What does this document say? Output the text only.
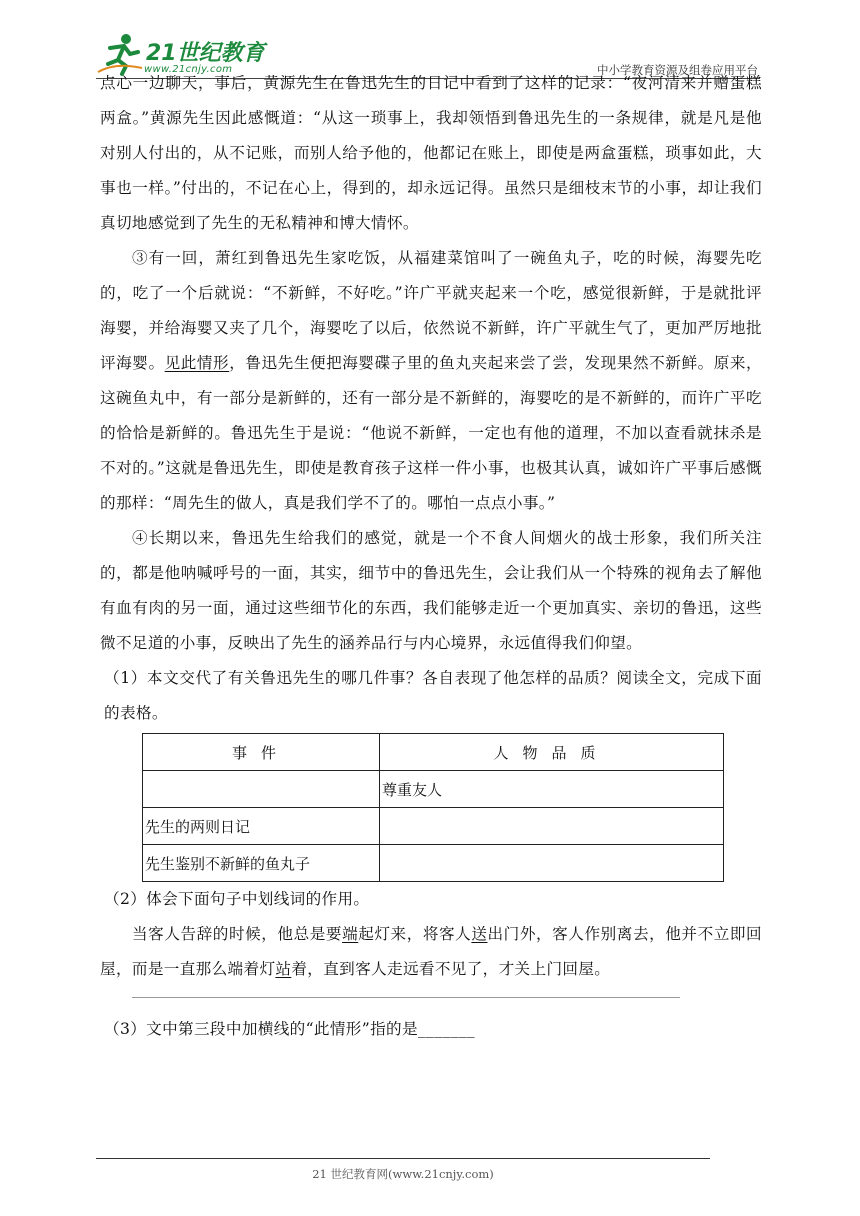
21世纪教育
www.21cnjy.com	中小学教育资源及组卷应用平台

点心一边聊天，事后，黄源先生在鲁迅先生的日记中看到了这样的记录：“夜河清来并赠蛋糕两盒。”黄源先生因此感慨道：“从这一琐事上，我却领悟到鲁迅先生的一条规律，就是凡是他对别人付出的，从不记账，而别人给予他的，他都记在账上，即使是两盒蛋糕，琐事如此，大事也一样。”付出的，不记在心上，得到的，却永远记得。虽然只是细枝末节的小事，却让我们真切地感觉到了先生的无私精神和博大情怀。

③有一回，萧红到鲁迅先生家吃饭，从福建菜馆叫了一碗鱼丸子，吃的时候，海婴先吃的，吃了一个后就说：“不新鲜，不好吃。”许广平就夹起来一个吃，感觉很新鲜，于是就批评海婴，并给海婴又夹了几个，海婴吃了以后，依然说不新鲜，许广平就生气了，更加严厉地批评海婴。见此情形，鲁迅先生便把海婴碟子里的鱼丸夹起来尝了尝，发现果然不新鲜。原来，这碗鱼丸中，有一部分是新鲜的，还有一部分是不新鲜的，海婴吃的是不新鲜的，而许广平吃的恰恰是新鲜的。鲁迅先生于是说：“他说不新鲜，一定也有他的道理，不加以查看就抹杀是不对的。”这就是鲁迅先生，即使是教育孩子这样一件小事，也极其认真，诚如许广平事后感慨的那样：“周先生的做人，真是我们学不了的。哪怕一点点小事。”

④长期以来，鲁迅先生给我们的感觉，就是一个不食人间烟火的战士形象，我们所关注的，都是他呐喊呼号的一面，其实，细节中的鲁迅先生，会让我们从一个特殊的视角去了解他有血有肉的另一面，通过这些细节化的东西，我们能够走近一个更加真实、亲切的鲁迅，这些微不足道的小事，反映出了先生的涵养品行与内心境界，永远值得我们仰望。

（1）本文交代了有关鲁迅先生的哪几件事？各自表现了他怎样的品质？阅读全文，完成下面的表格。

事件	人物品质
	尊重友人
先生的两则日记	
先生鉴别不新鲜的鱼丸子	

（2）体会下面句子中划线词的作用。

当客人告辞的时候，他总是要端起灯来，将客人送出门外，客人作别离去，他并不立即回屋，而是一直那么端着灯站着，直到客人走远看不见了，才关上门回屋。

（3）文中第三段中加横线的“此情形”指的是_______

21 世纪教育网(www.21cnjy.com)
